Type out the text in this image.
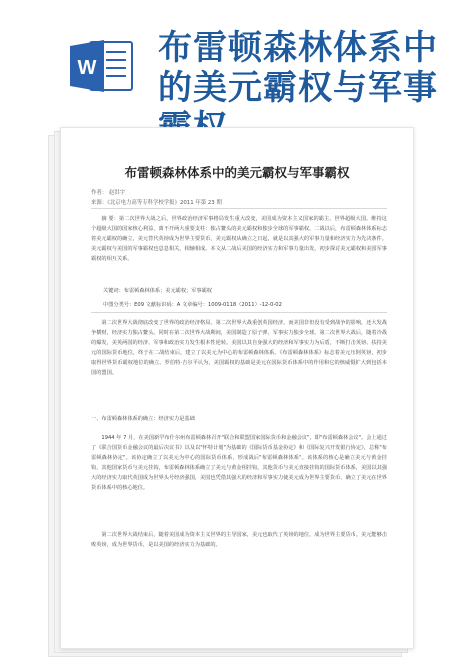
W 布雷顿森林体系中的美元霸权与军事
布雷顿森林体系中的美元霸权与军事霸权
作者： 赵洪宇
来源：《北京电力高等专科学校学报》2011 年第 23 期
摘 要：第二次世界大战之后，世界政治经济军事格局发生重大改变，美国成为资本主义国家的霸主，世界超级大国。维持这个超级大国的国家核心利益，离不开两大重要支柱：独占鳌头的美元霸权和独步全球的军事霸权。二战以后，布雷顿森林体系标志着美元霸权的确立，美元替代英镑成为世界主要货币，美元霸权从确立之日起，就是以其强大的军事力量和经济实力为先决条件。美元霸权与美国的军事霸权也息息相关，相辅相成。本文从二战后美国的经济实力和军事力量出发，初步探讨美元霸权和美国军事霸权的相互关系。
关键词：布雷顿森林体系；美元霸权；军事霸权
中图分类号：E09 文献标识码：A 文章编号：1009-0118（2011）-12-0-02
第二次世界大战彻底改变了世界的政治经济格局。第二次世界大战重创英国经济，而美国非但没有受到战争的影响，还大发战争横财，经济实力独占鳌头。同时在第二次世界大战期间，美国制造了原子弹，军事实力独步全球。第二次世界大战后，随着冷战的爆发，美英两国的经济、军事和政治实力发生根本性逆转。美国以其自身强大的经济和军事实力为后盾，不断打击英镑、扶持美元的国际货币地位，终于在二战结束后，建立了以美元为中心的布雷顿森林体系。《布雷顿森林体系》标志着美元压倒英镑，初步取得世界货币霸权地位的确立。罗伯特·吉尔平认为，美国霸权的基础是美元在国际货币体系中的作用和它的核威慑扩大到包括本国的盟国。
一、布雷顿森林体系的确立：经济实力是基础
1944 年 7 月，在美国新罕布什尔州布雷顿森林召开"联合和联盟国家国际货币和金融会议"，即"布雷顿森林会议"。会上通过了《联合国货币金融会议的最后决议书》以及以"怀特计划"为基础的《国际货币基金协定》和《国际复兴开发银行协定》，总称"布雷顿森林协定"。该协定确立了以美元为中心的国际货币体系，形成战后"布雷顿森林体系"。该体系的核心是确立美元与黄金挂钩，其他国家货币与美元挂钩，布雷顿森林体系确立了美元与黄金相挂钩，其他货币与美元直接挂钩的国际货币体系，美国以其强大的经济实力取代英国成为世界头号经济强国，美国也凭借其强大的经济和军事实力使美元成为世界主要货币，确立了美元在世界货币体系中的核心地位。
第二次世界大战结束后，随着美国成为资本主义世界的主导国家，美元也取代了英镑的地位，成为世界主要货币。美元能够击败英镑，成为世界货币，是以美国的经济实力为基础的。
